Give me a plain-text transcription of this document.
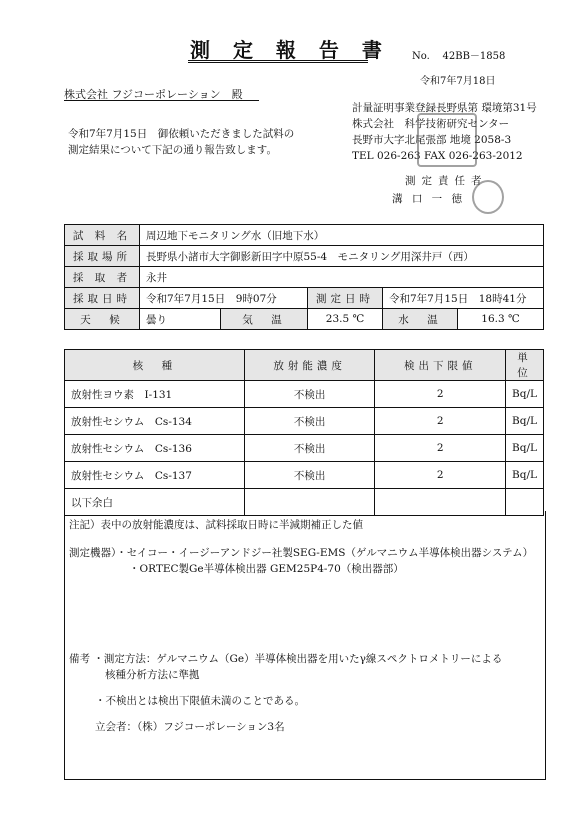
測 定 報 告 書 No. 42BB－1858
令和7年7月18日
株式会社 フジコーポレーション　殿
計量証明事業登録長野県第 環境第31号
株式会社　科学技術研究センター
長野市大字北尾張部 地境 2058-3
TEL 026-263 FAX 026-263-2012
令和7年7月15日　御依頼いただきました試料の
測定結果について下記の通り報告致します。
測定責任者
溝 口 一 徳
試 料 名	周辺地下モニタリング水（旧地下水）				
採取場所	長野県小諸市大字御影新田字中原55-4　モニタリング用深井戸（西）				
採 取 者	永井				
採取日時	令和7年7月15日　9時07分		測定日時	令和7年7月15日　18時41分	
天　候	曇り	気　温	23.5 ℃	水　温	16.3 ℃
核　種	放射能濃度	検出下限値	単 位
放射性ヨウ素　I-131	不検出	2	Bq/L
放射性セシウム　Cs-134	不検出	2	Bq/L
放射性セシウム　Cs-136	不検出	2	Bq/L
放射性セシウム　Cs-137	不検出	2	Bq/L
以下余白			
注記）表中の放射能濃度は、試料採取日時に半減期補正した値
測定機器）・セイコー・イージーアンドジー社製SEG-EMS（ゲルマニウム半導体検出器システム）
・ORTEC製Ge半導体検出器 GEM25P4-70（検出器部）
備考 ・測定方法：ゲルマニウム（Ge）半導体検出器を用いたγ線スペクトロメトリーによる
核種分析方法に準拠
・不検出とは検出下限値未満のことである。
立会者：（株）フジコーポレーション3名
